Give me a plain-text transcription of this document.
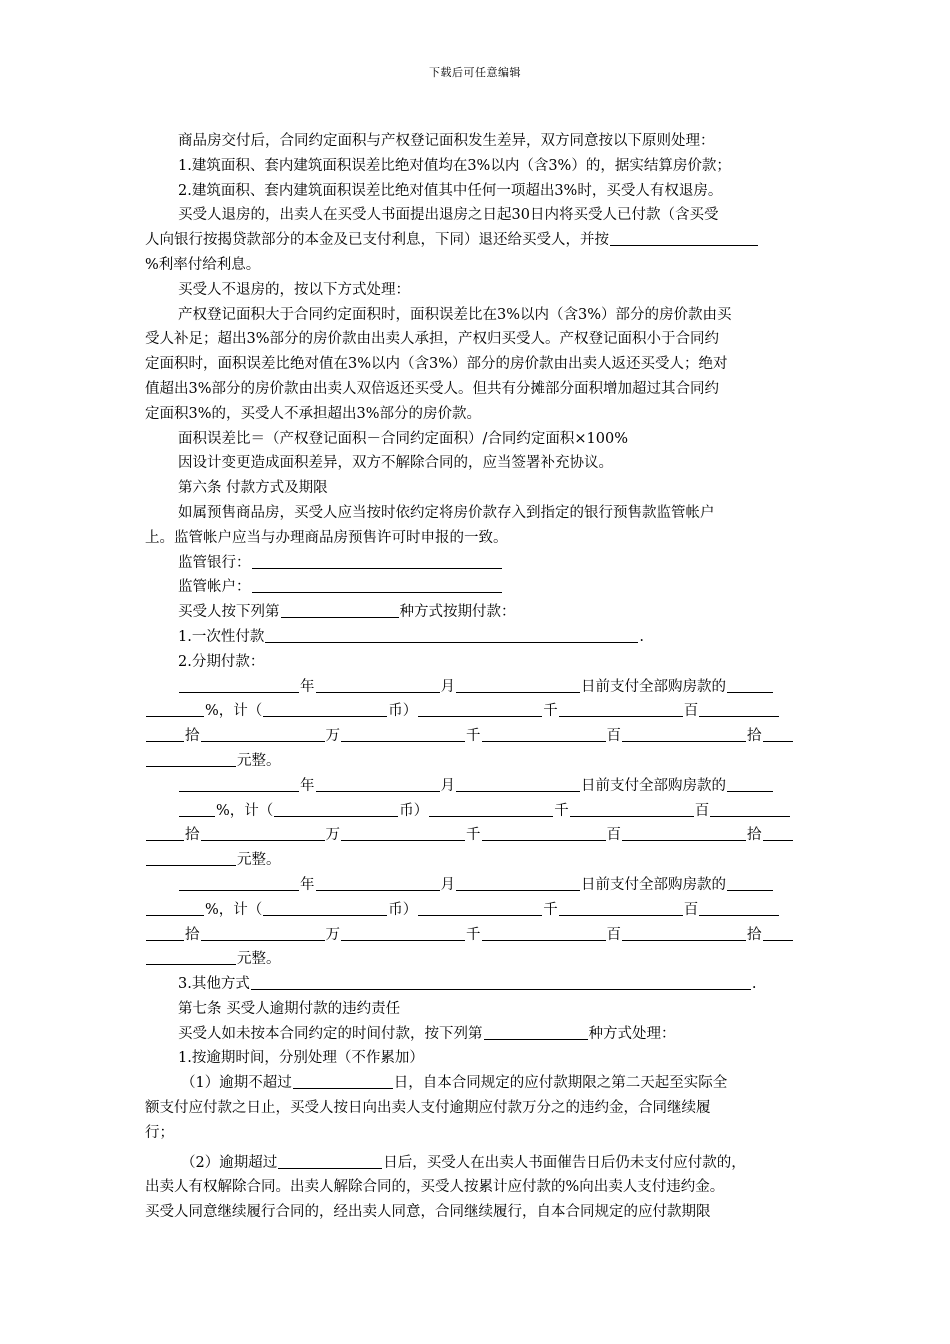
下载后可任意编辑
商品房交付后，合同约定面积与产权登记面积发生差异，双方同意按以下原则处理：
1.建筑面积、套内建筑面积误差比绝对值均在3%以内（含3%）的，据实结算房价款；
2.建筑面积、套内建筑面积误差比绝对值其中任何一项超出3%时，买受人有权退房。
买受人退房的，出卖人在买受人书面提出退房之日起30日内将买受人已付款（含买受
人向银行按揭贷款部分的本金及已支付利息，下同）退还给买受人，并按
%利率付给利息。
买受人不退房的，按以下方式处理：
产权登记面积大于合同约定面积时，面积误差比在3%以内（含3%）部分的房价款由买
受人补足；超出3%部分的房价款由出卖人承担，产权归买受人。产权登记面积小于合同约
定面积时，面积误差比绝对值在3%以内（含3%）部分的房价款由出卖人返还买受人；绝对
值超出3%部分的房价款由出卖人双倍返还买受人。但共有分摊部分面积增加超过其合同约
定面积3%的，买受人不承担超出3%部分的房价款。
面积误差比＝（产权登记面积－合同约定面积）/合同约定面积×100%
因设计变更造成面积差异，双方不解除合同的，应当签署补充协议。
第六条 付款方式及期限
如属预售商品房，买受人应当按时依约定将房价款存入到指定的银行预售款监管帐户
上。监管帐户应当与办理商品房预售许可时申报的一致。
监管银行：
监管帐户：
买受人按下列第	种方式按期付款：
1.一次性付款	.
2.分期付款：
年	月	日前支付全部购房款的
%，计（	币）	千	百
拾	万	千	百	拾
元整。
年	月	日前支付全部购房款的
%，计（	币）	千	百
拾	万	千	百	拾
元整。
年	月	日前支付全部购房款的
%，计（	币）	千	百
拾	万	千	百	拾
元整。
3.其他方式	.
第七条 买受人逾期付款的违约责任
买受人如未按本合同约定的时间付款，按下列第	种方式处理：
1.按逾期时间，分别处理（不作累加）
（1）逾期不超过	日，自本合同规定的应付款期限之第二天起至实际全
额支付应付款之日止，买受人按日向出卖人支付逾期应付款万分之的违约金，合同继续履
行；
（2）逾期超过	日后，买受人在出卖人书面催告日后仍未支付应付款的，
出卖人有权解除合同。出卖人解除合同的，买受人按累计应付款的%向出卖人支付违约金。
买受人同意继续履行合同的，经出卖人同意，合同继续履行，自本合同规定的应付款期限
